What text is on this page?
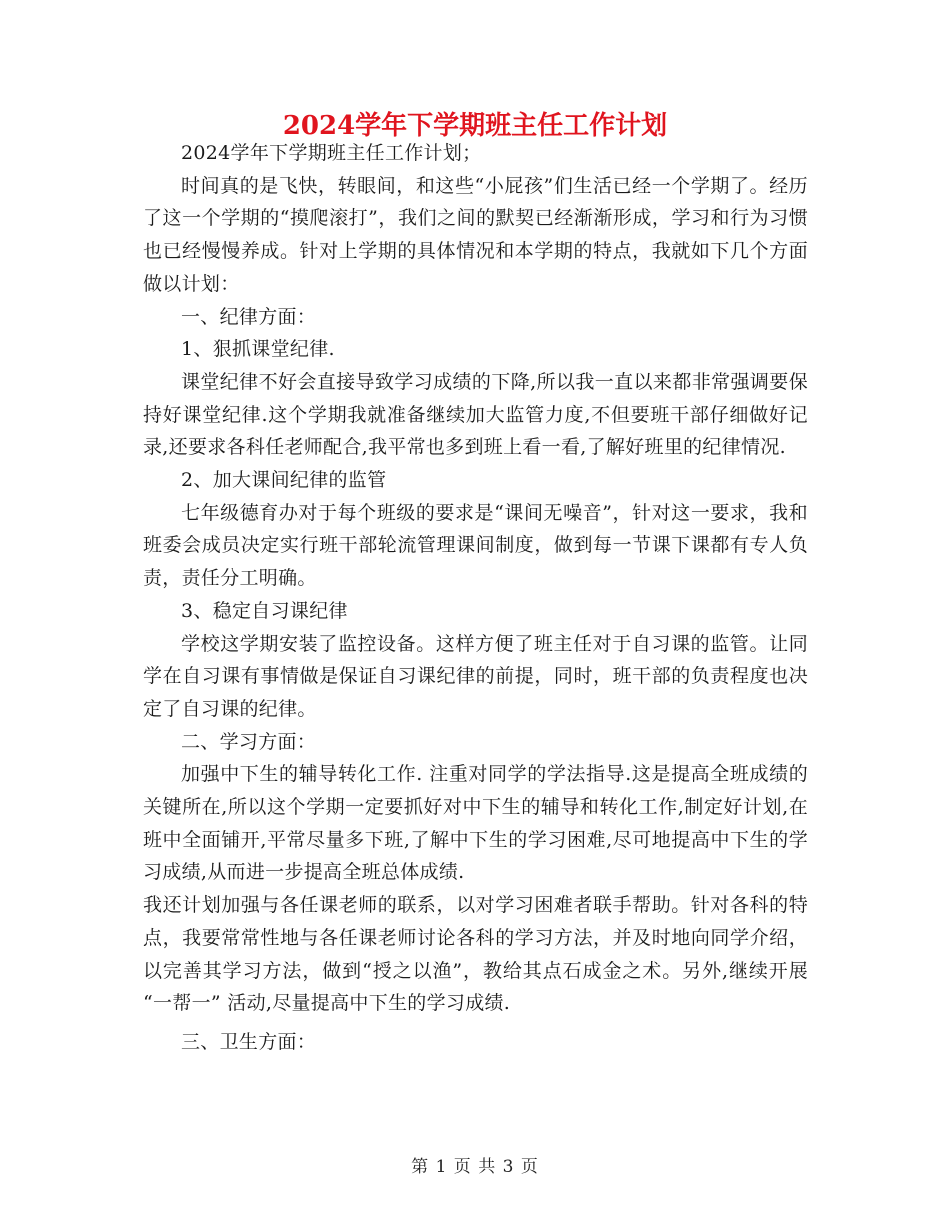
2024学年下学期班主任工作计划

2024学年下学期班主任工作计划；

时间真的是飞快，转眼间，和这些“小屁孩”们生活已经一个学期了。经历了这一个学期的“摸爬滚打”，我们之间的默契已经渐渐形成，学习和行为习惯也已经慢慢养成。针对上学期的具体情况和本学期的特点，我就如下几个方面做以计划：

一、纪律方面：

1、狠抓课堂纪律.

课堂纪律不好会直接导致学习成绩的下降,所以我一直以来都非常强调要保持好课堂纪律.这个学期我就准备继续加大监管力度,不但要班干部仔细做好记录,还要求各科任老师配合,我平常也多到班上看一看,了解好班里的纪律情况.

2、加大课间纪律的监管

七年级德育办对于每个班级的要求是“课间无噪音”，针对这一要求，我和班委会成员决定实行班干部轮流管理课间制度，做到每一节课下课都有专人负责，责任分工明确。

3、稳定自习课纪律

学校这学期安装了监控设备。这样方便了班主任对于自习课的监管。让同学在自习课有事情做是保证自习课纪律的前提，同时，班干部的负责程度也决定了自习课的纪律。

二、学习方面：

加强中下生的辅导转化工作. 注重对同学的学法指导.这是提高全班成绩的关键所在,所以这个学期一定要抓好对中下生的辅导和转化工作,制定好计划,在班中全面铺开,平常尽量多下班,了解中下生的学习困难,尽可地提高中下生的学习成绩,从而进一步提高全班总体成绩.

我还计划加强与各任课老师的联系，以对学习困难者联手帮助。针对各科的特点，我要常常性地与各任课老师讨论各科的学习方法，并及时地向同学介绍，以完善其学习方法，做到“授之以渔”，教给其点石成金之术。另外,继续开展 “一帮一” 活动,尽量提高中下生的学习成绩.

三、卫生方面：

第 1 页 共 3 页
